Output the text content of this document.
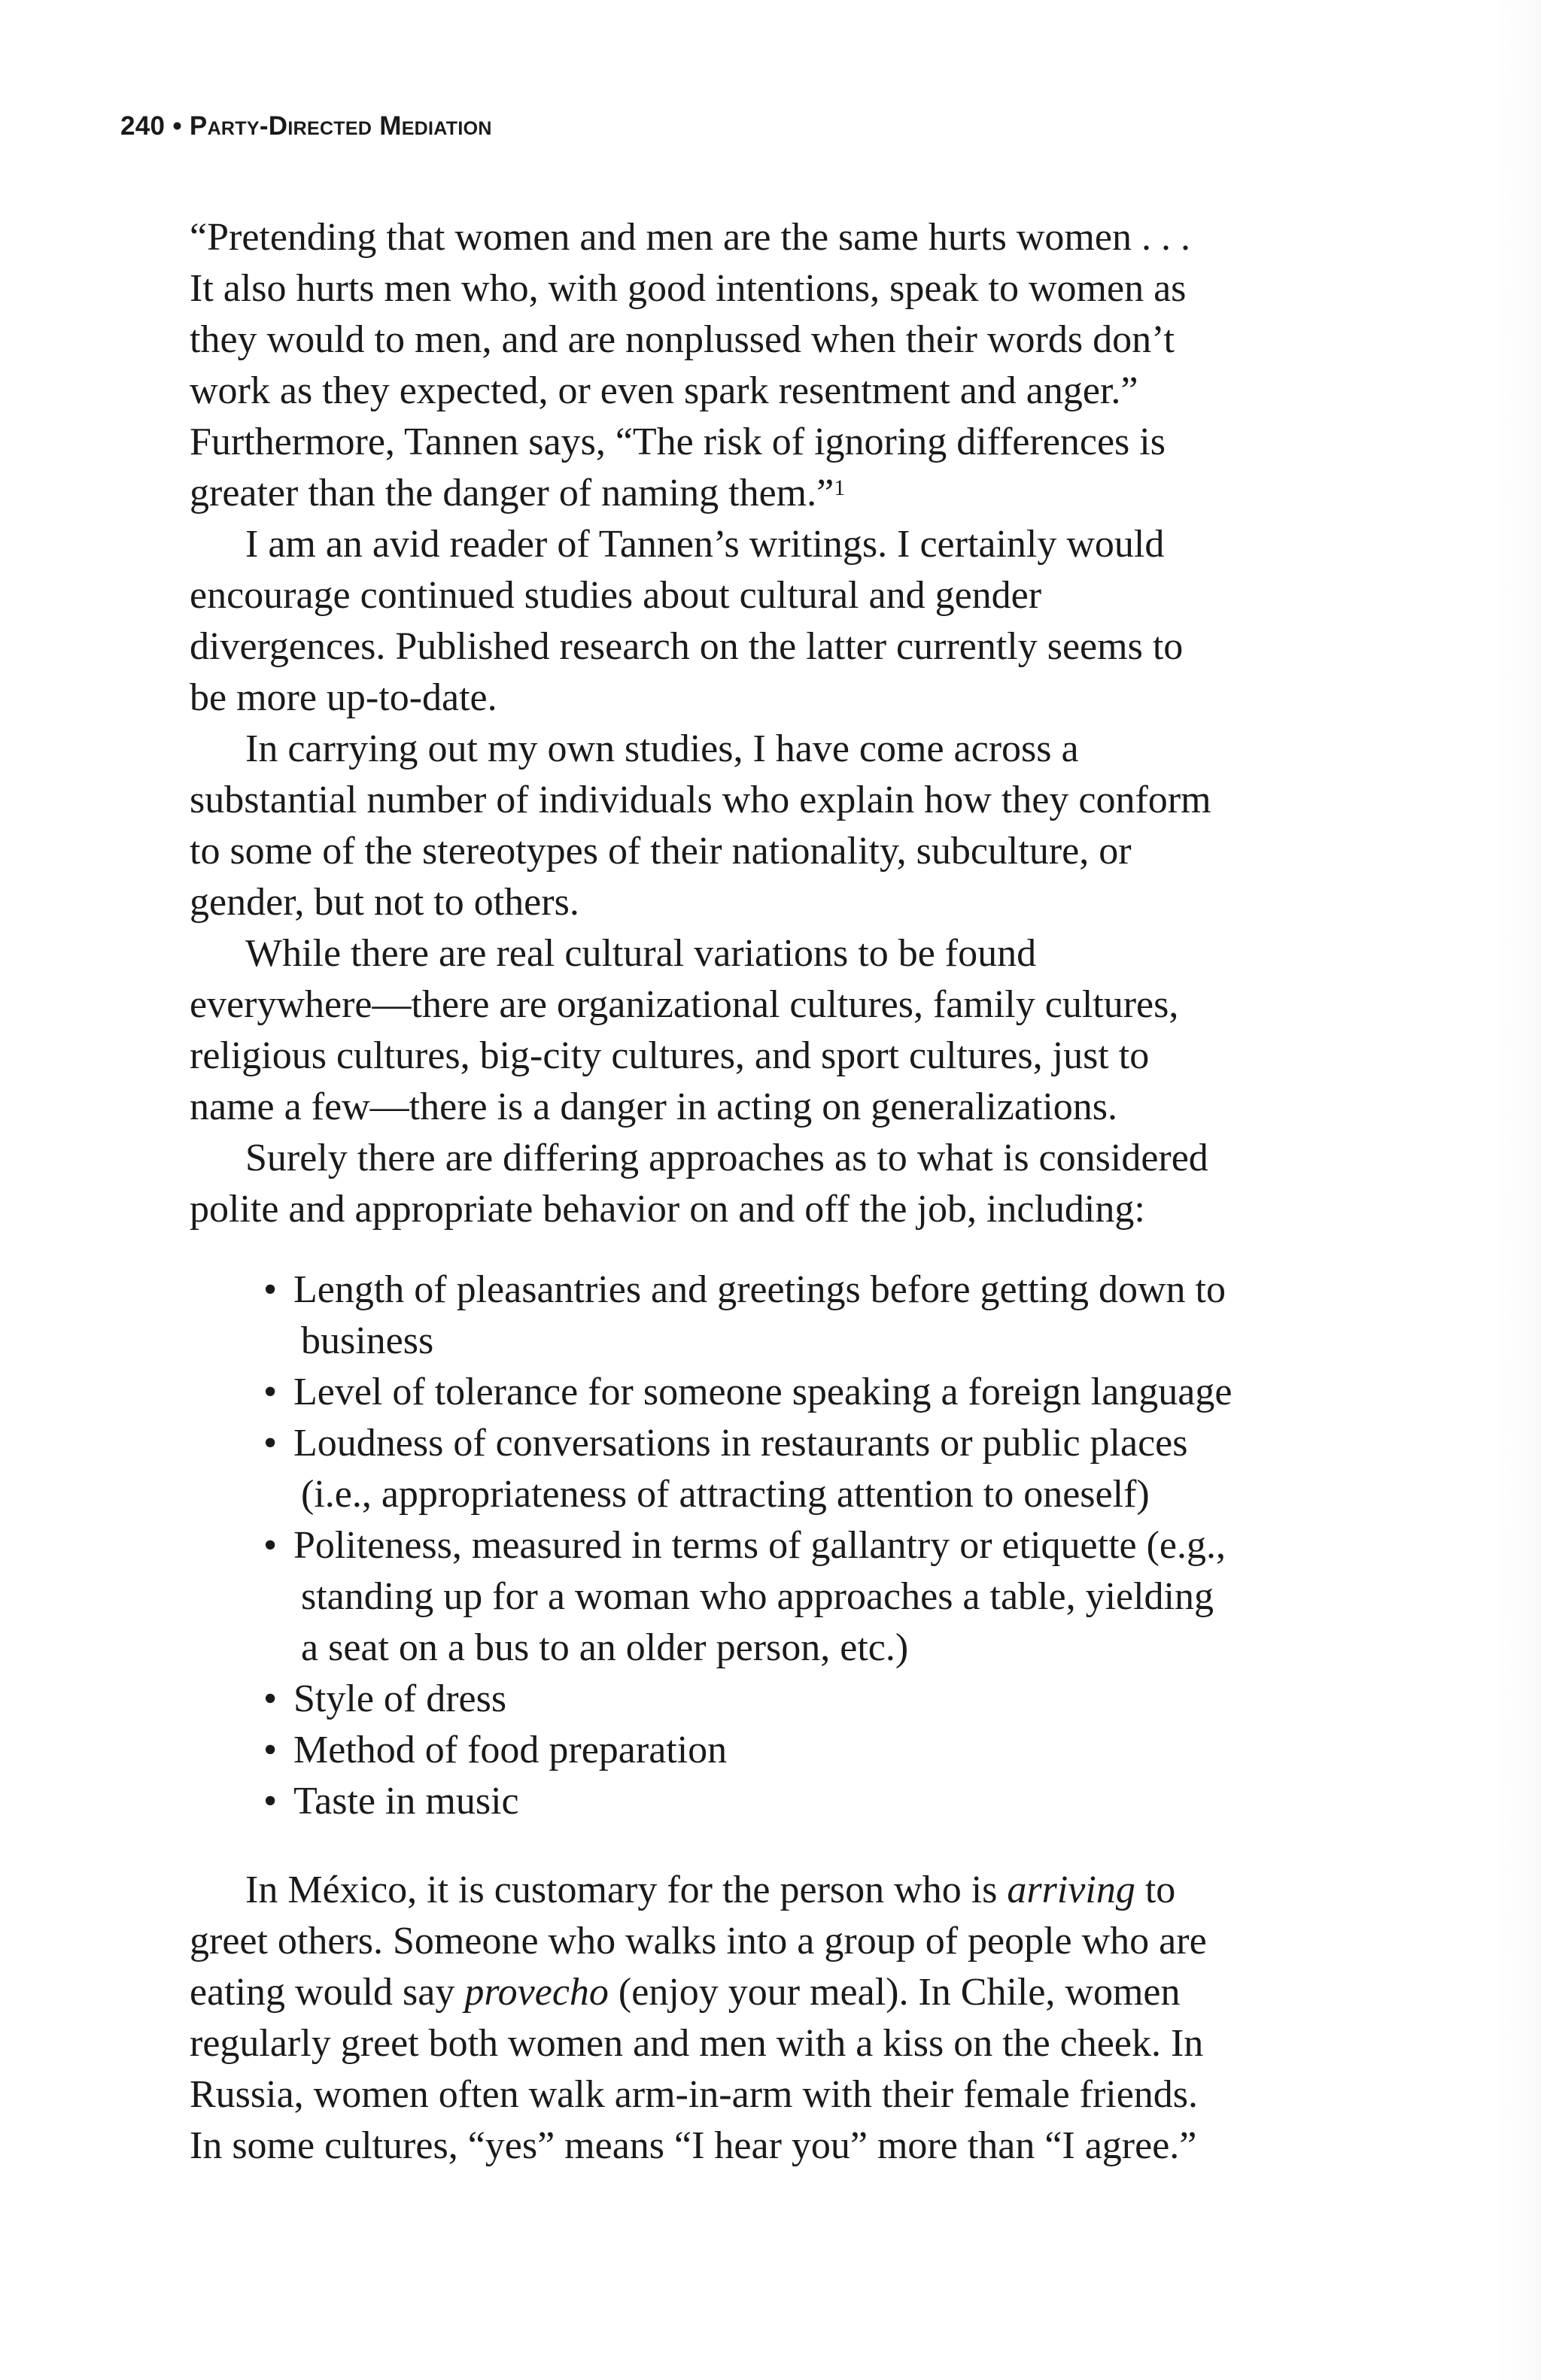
240 • Party-Directed Mediation

“Pretending that women and men are the same hurts women . . .
It also hurts men who, with good intentions, speak to women as
they would to men, and are nonplussed when their words don’t
work as they expected, or even spark resentment and anger.”
Furthermore, Tannen says, “The risk of ignoring differences is
greater than the danger of naming them.”$^1$

I am an avid reader of Tannen’s writings. I certainly would
encourage continued studies about cultural and gender
divergences. Published research on the latter currently seems to
be more up-to-date.

In carrying out my own studies, I have come across a
substantial number of individuals who explain how they conform
to some of the stereotypes of their nationality, subculture, or
gender, but not to others.

While there are real cultural variations to be found
everywhere—there are organizational cultures, family cultures,
religious cultures, big-city cultures, and sport cultures, just to
name a few—there is a danger in acting on generalizations.

Surely there are differing approaches as to what is considered
polite and appropriate behavior on and off the job, including:

• Length of pleasantries and greetings before getting down to
business
• Level of tolerance for someone speaking a foreign language
• Loudness of conversations in restaurants or public places
(i.e., appropriateness of attracting attention to oneself)
• Politeness, measured in terms of gallantry or etiquette (e.g.,
standing up for a woman who approaches a table, yielding
a seat on a bus to an older person, etc.)
• Style of dress
• Method of food preparation
• Taste in music

In México, it is customary for the person who is arriving to
greet others. Someone who walks into a group of people who are
eating would say provecho (enjoy your meal). In Chile, women
regularly greet both women and men with a kiss on the cheek. In
Russia, women often walk arm-in-arm with their female friends.
In some cultures, “yes” means “I hear you” more than “I agree.”
